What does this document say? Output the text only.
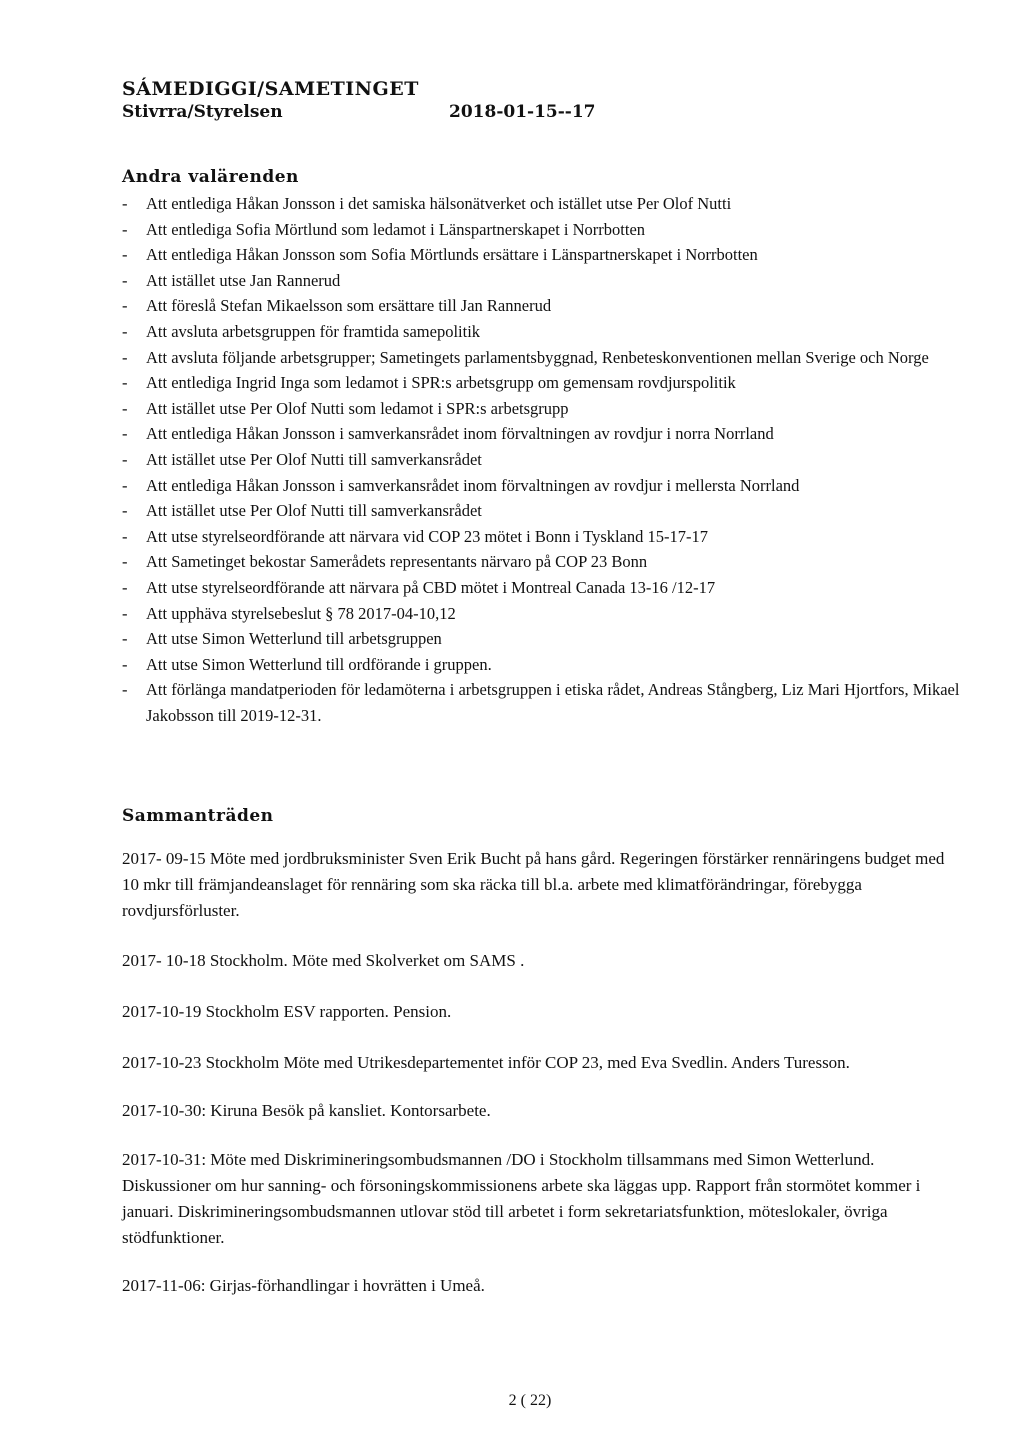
SÁMEDIGGI/SAMETINGET
Stivrra/Styrelsen	2018-01-15--17
Andra valärenden
- Att entlediga Håkan Jonsson i det samiska hälsonätverket och istället utse Per Olof Nutti
- Att entlediga Sofia Mörtlund som ledamot i Länspartnerskapet i Norrbotten
- Att entlediga Håkan Jonsson som Sofia Mörtlunds ersättare i Länspartnerskapet i Norrbotten
- Att istället utse Jan Rannerud
- Att föreslå Stefan Mikaelsson som ersättare till Jan Rannerud
- Att avsluta arbetsgruppen för framtida samepolitik
- Att avsluta följande arbetsgrupper; Sametingets parlamentsbyggnad, Renbeteskonventionen mellan Sverige och Norge
- Att entlediga Ingrid Inga som ledamot i SPR:s arbetsgrupp om gemensam rovdjurspolitik
- Att istället utse Per Olof Nutti som ledamot i SPR:s arbetsgrupp
- Att entlediga Håkan Jonsson i samverkansrådet inom förvaltningen av rovdjur i norra Norrland
- Att istället utse Per Olof Nutti till samverkansrådet
- Att entlediga Håkan Jonsson i samverkansrådet inom förvaltningen av rovdjur i mellersta Norrland
- Att istället utse Per Olof Nutti till samverkansrådet
- Att utse styrelseordförande att närvara vid COP 23 mötet i Bonn i Tyskland 15-17-17
- Att Sametinget bekostar Samerådets representants närvaro på COP 23 Bonn
- Att utse styrelseordförande att närvara på CBD mötet i Montreal Canada 13-16 /12-17
- Att upphäva styrelsebeslut § 78 2017-04-10,12
- Att utse Simon Wetterlund till arbetsgruppen
- Att utse Simon Wetterlund till ordförande i gruppen.
- Att förlänga mandatperioden för ledamöterna i arbetsgruppen i etiska rådet, Andreas Stångberg, Liz Mari Hjortfors, Mikael Jakobsson till 2019-12-31.
Sammanträden

2017- 09-15 Möte med jordbruksminister Sven Erik Bucht på hans gård. Regeringen förstärker rennäringens budget med 10 mkr till främjandeanslaget för rennäring som ska räcka till bl.a. arbete med klimatförändringar, förebygga rovdjursförluster.

2017- 10-18 Stockholm. Möte med Skolverket om SAMS .

2017-10-19 Stockholm ESV rapporten. Pension.

2017-10-23 Stockholm Möte med Utrikesdepartementet inför COP 23, med Eva Svedlin. Anders Turesson.

2017-10-30: Kiruna Besök på kansliet. Kontorsarbete.

2017-10-31: Möte med Diskrimineringsombudsmannen /DO i Stockholm tillsammans med Simon Wetterlund. Diskussioner om hur sanning- och försoningskommissionens arbete ska läggas upp. Rapport från stormötet kommer i januari. Diskrimineringsombudsmannen utlovar stöd till arbetet i form sekretariatsfunktion, möteslokaler, övriga stödfunktioner.

2017-11-06: Girjas-förhandlingar i hovrätten i Umeå.

2 ( 22)
